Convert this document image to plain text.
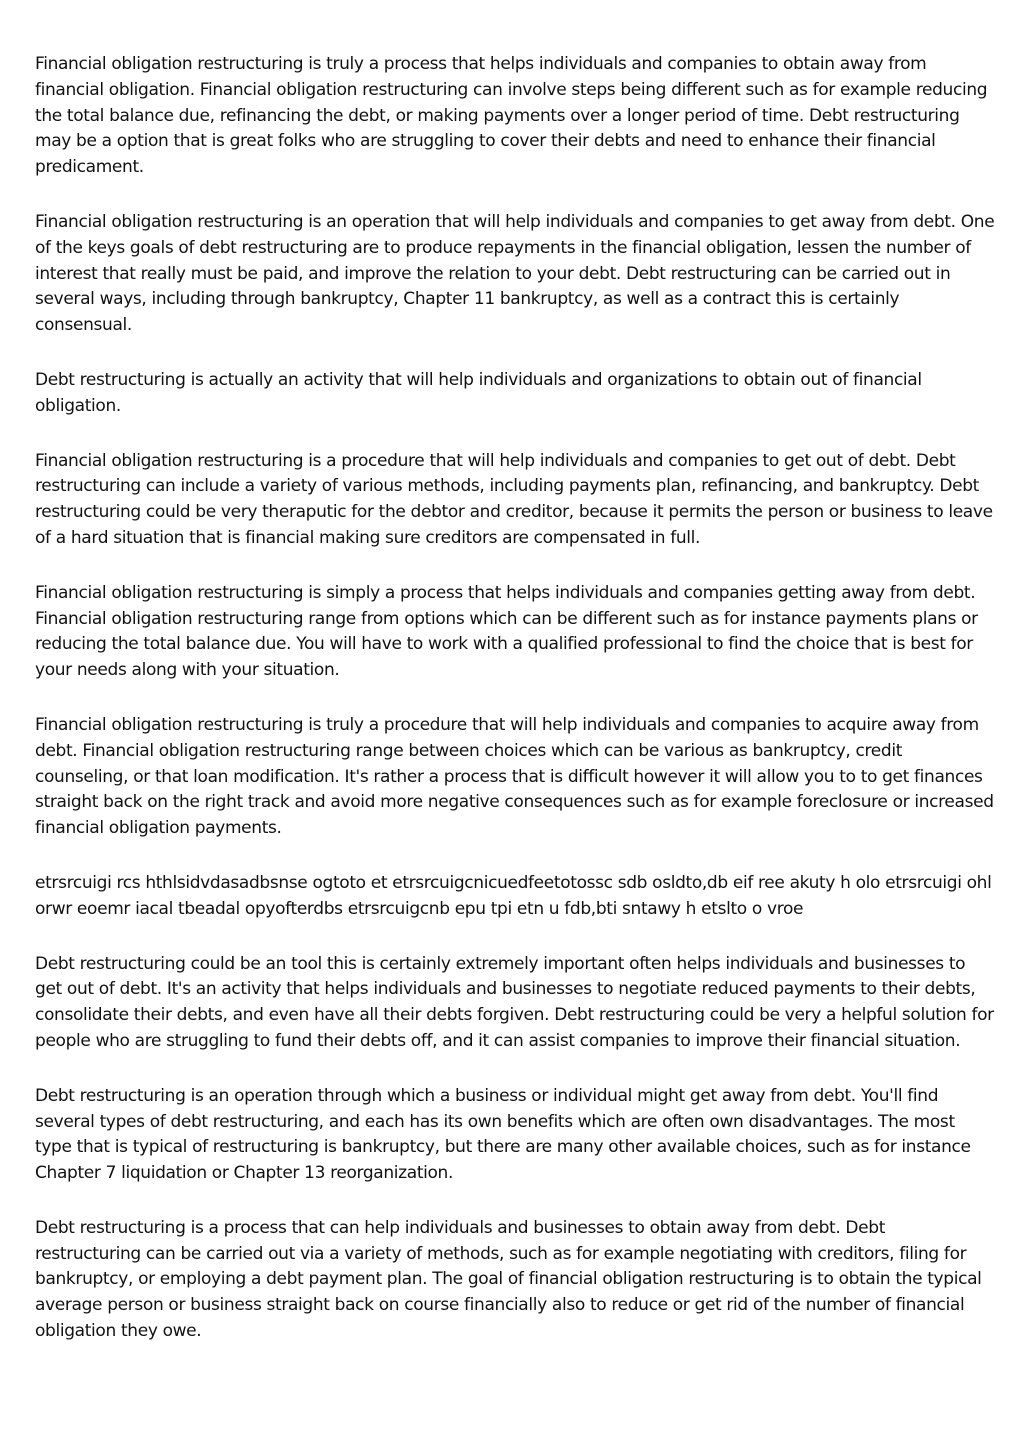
Financial obligation restructuring is truly a process that helps individuals and companies to obtain away from financial obligation. Financial obligation restructuring can involve steps being different such as for example reducing the total balance due, refinancing the debt, or making payments over a longer period of time. Debt restructuring may be a option that is great folks who are struggling to cover their debts and need to enhance their financial predicament.

Financial obligation restructuring is an operation that will help individuals and companies to get away from debt. One of the keys goals of debt restructuring are to produce repayments in the financial obligation, lessen the number of interest that really must be paid, and improve the relation to your debt. Debt restructuring can be carried out in several ways, including through bankruptcy, Chapter 11 bankruptcy, as well as a contract this is certainly consensual.

Debt restructuring is actually an activity that will help individuals and organizations to obtain out of financial obligation.

Financial obligation restructuring is a procedure that will help individuals and companies to get out of debt. Debt restructuring can include a variety of various methods, including payments plan, refinancing, and bankruptcy. Debt restructuring could be very theraputic for the debtor and creditor, because it permits the person or business to leave of a hard situation that is financial making sure creditors are compensated in full.

Financial obligation restructuring is simply a process that helps individuals and companies getting away from debt. Financial obligation restructuring range from options which can be different such as for instance payments plans or reducing the total balance due. You will have to work with a qualified professional to find the choice that is best for your needs along with your situation.

Financial obligation restructuring is truly a procedure that will help individuals and companies to acquire away from debt. Financial obligation restructuring range between choices which can be various as bankruptcy, credit counseling, or that loan modification. It's rather a process that is difficult however it will allow you to to get finances straight back on the right track and avoid more negative consequences such as for example foreclosure or increased financial obligation payments.

etrsrcuigi rcs hthlsidvdasadbsnse ogtoto et etrsrcuigcnicuedfeetotossc sdb osldto,db eif ree akuty h olo etrsrcuigi ohl orwr eoemr iacal tbeadal opyofterdbs etrsrcuigcnb epu tpi etn u fdb,bti sntawy h etslto o vroe

Debt restructuring could be an tool this is certainly extremely important often helps individuals and businesses to get out of debt. It's an activity that helps individuals and businesses to negotiate reduced payments to their debts, consolidate their debts, and even have all their debts forgiven. Debt restructuring could be very a helpful solution for people who are struggling to fund their debts off, and it can assist companies to improve their financial situation.

Debt restructuring is an operation through which a business or individual might get away from debt. You'll find several types of debt restructuring, and each has its own benefits which are often own disadvantages. The most type that is typical of restructuring is bankruptcy, but there are many other available choices, such as for instance Chapter 7 liquidation or Chapter 13 reorganization.

Debt restructuring is a process that can help individuals and businesses to obtain away from debt. Debt restructuring can be carried out via a variety of methods, such as for example negotiating with creditors, filing for bankruptcy, or employing a debt payment plan. The goal of financial obligation restructuring is to obtain the typical average person or business straight back on course financially also to reduce or get rid of the number of financial obligation they owe.
